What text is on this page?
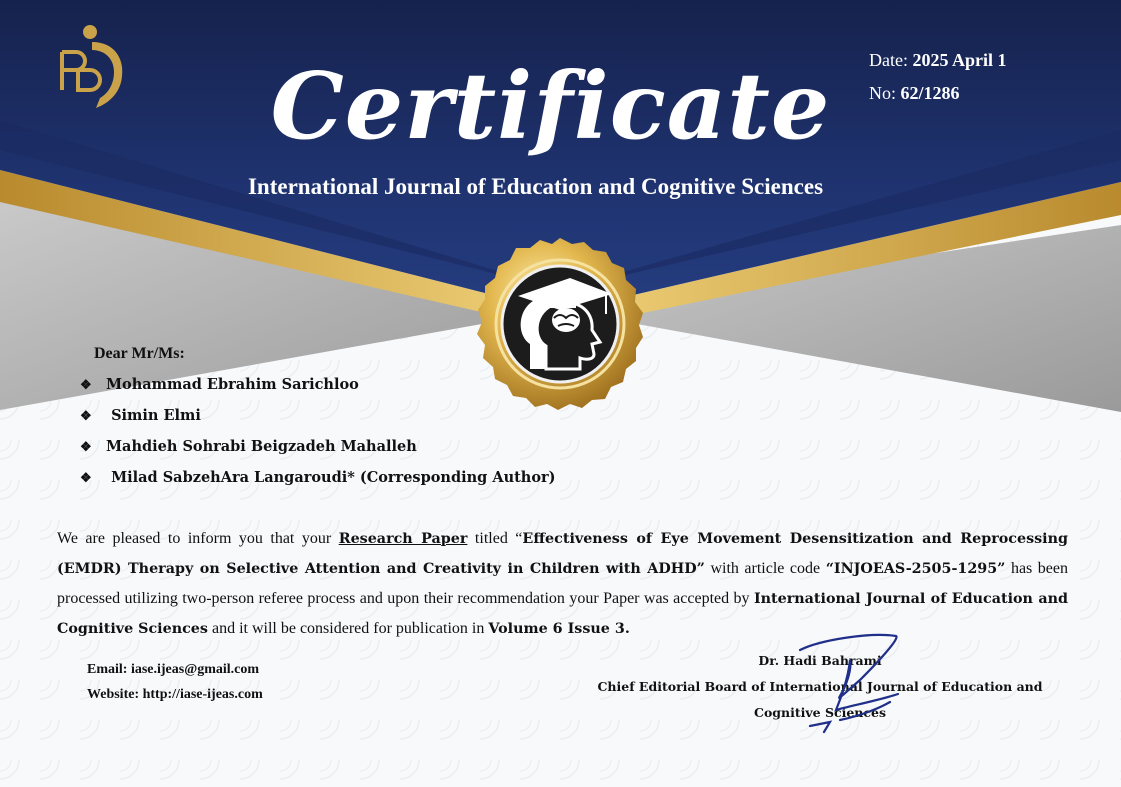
Certificate
International Journal of Education and Cognitive Sciences
Date: 2025 April 1
No: 62/1286
Dear Mr/Ms:
❖ Mohammad Ebrahim Sarichloo
❖ Simin Elmi
❖ Mahdieh Sohrabi Beigzadeh Mahalleh
❖ Milad SabzehAra Langaroudi* (Corresponding Author)
We are pleased to inform you that your Research Paper titled “Effectiveness of Eye Movement Desensitization and Reprocessing (EMDR) Therapy on Selective Attention and Creativity in Children with ADHD” with article code “INJOEAS-2505-1295” has been processed utilizing two-person referee process and upon their recommendation your Paper was accepted by International Journal of Education and Cognitive Sciences and it will be considered for publication in Volume 6 Issue 3.
Email: iase.ijeas@gmail.com
Website: http://iase-ijeas.com
Dr. Hadi Bahrami
Chief Editorial Board of International Journal of Education and Cognitive Sciences
